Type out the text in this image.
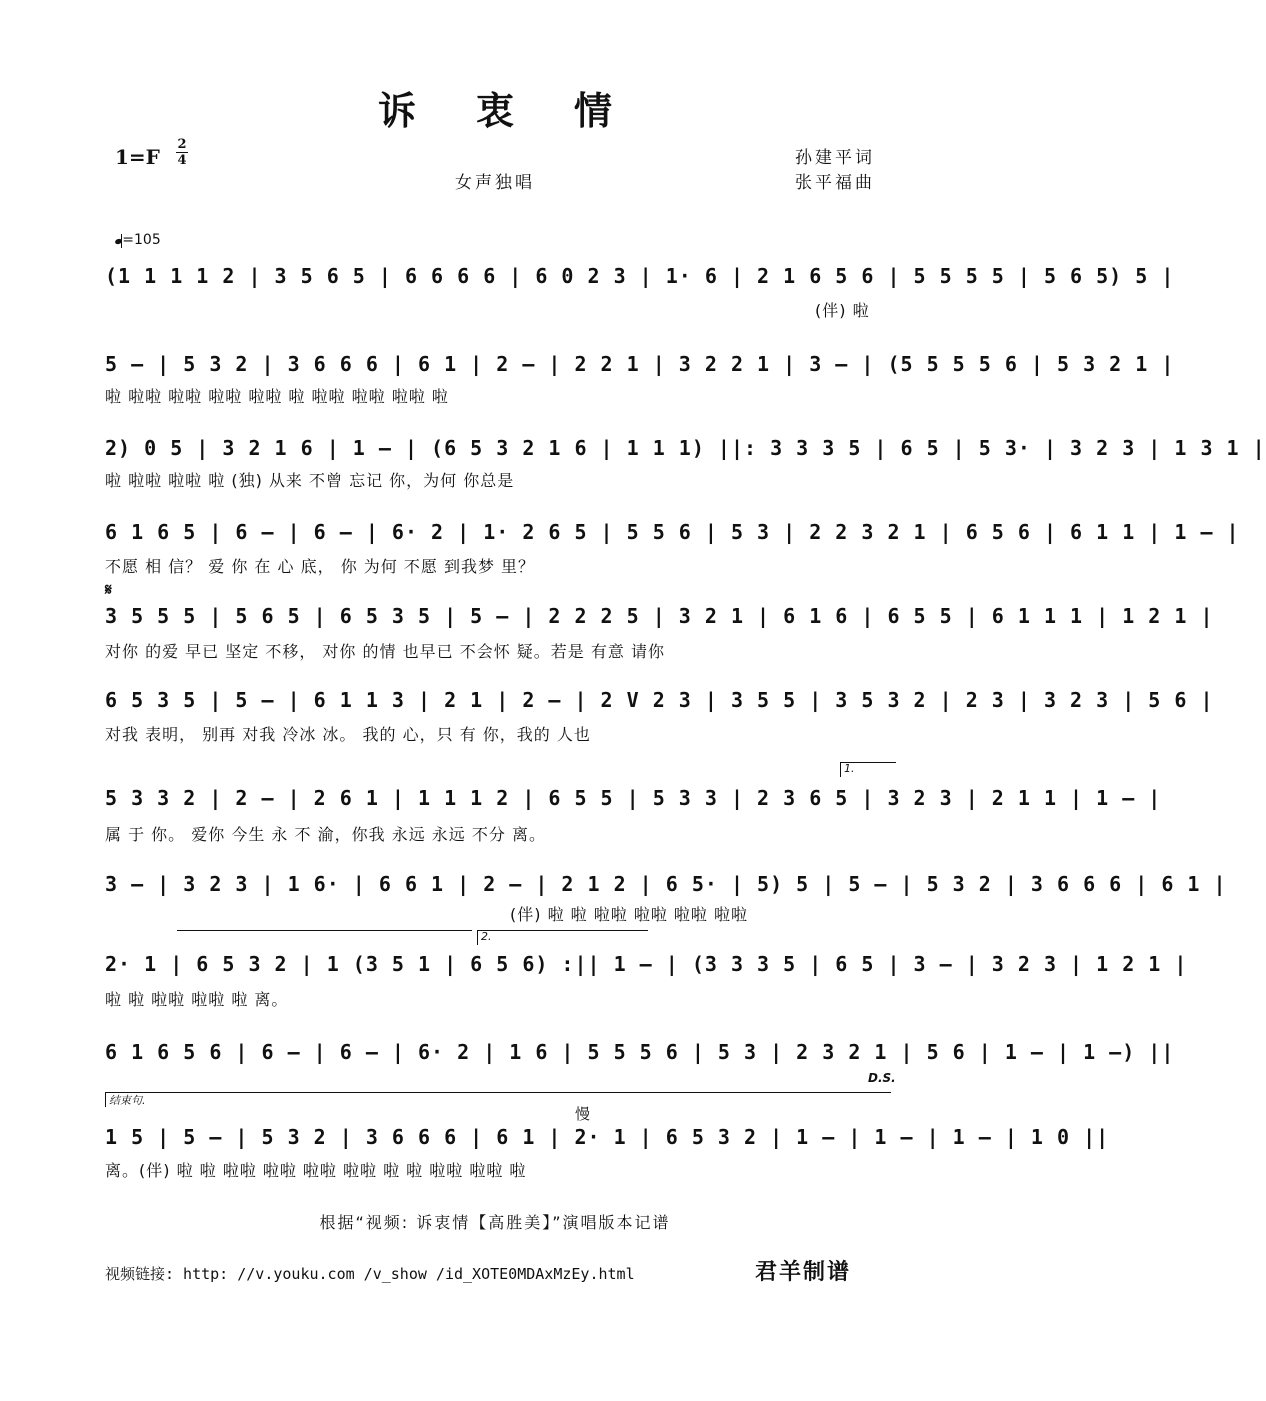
诉衷情
1=F
2
4	孙建平词
张平福曲
女声独唱
=105
(1 1 1 1 2 | 3 5 6 5 | 6 6 6 6 | 6 0 2 3 | 1· 6 | 2 1 6 5 6 | 5 5 5 5 | 5 6 5) 5 |
(伴) 啦
5 – | 5 3 2 | 3 6 6 6 | 6 1 | 2 – | 2 2 1 | 3 2 2 1 | 3 – | (5 5 5 5 6 | 5 3 2 1 |
啦 啦啦 啦啦 啦啦 啦啦 啦 啦啦 啦啦 啦啦 啦
2) 0 5 | 3 2 1 6 | 1 – | (6 5 3 2 1 6 | 1 1 1) ||: 3 3 3 5 | 6 5 | 5 3· | 3 2 3 | 1 3 1 |
啦 啦啦 啦啦 啦 (独) 从来 不曾 忘记 你，为何 你总是
6 1 6 5 | 6 – | 6 – | 6· 2 | 1· 2 6 5 | 5 5 6 | 5 3 | 2 2 3 2 1 | 6 5 6 | 6 1 1 | 1 – |
不愿 相 信？ 爱 你 在 心 底， 你 为何 不愿 到我梦 里？
𝄋
3 5 5 5 | 5 6 5 | 6 5 3 5 | 5 – | 2 2 2 5 | 3 2 1 | 6 1 6 | 6 5 5 | 6 1 1 1 | 1 2 1 |
对你 的爱 早已 坚定 不移， 对你 的情 也早已 不会怀 疑。若是 有意 请你
6 5 3 5 | 5 – | 6 1 1 3 | 2 1 | 2 – | 2 V 2 3 | 3 5 5 | 3 5 3 2 | 2 3 | 3 2 3 | 5 6 |
对我 表明， 别再 对我 冷冰 冰。 我的 心，只 有 你，我的 人也
1.
5 3 3 2 | 2 – | 2 6 1 | 1 1 1 2 | 6 5 5 | 5 3 3 | 2 3 6 5 | 3 2 3 | 2 1 1 | 1 – |
属 于 你。 爱你 今生 永 不 渝，你我 永远 永远 不分 离。
3 – | 3 2 3 | 1 6· | 6 6 1 | 2 – | 2 1 2 | 6 5· | 5) 5 | 5 – | 5 3 2 | 3 6 6 6 | 6 1 |
(伴) 啦 啦 啦啦 啦啦 啦啦 啦啦
2.
2· 1 | 6 5 3 2 | 1 (3 5 1 | 6 5 6) :|| 1 – | (3 3 3 5 | 6 5 | 3 – | 3 2 3 | 1 2 1 |
啦 啦 啦啦 啦啦 啦 离。
6 1 6 5 6 | 6 – | 6 – | 6· 2 | 1 6 | 5 5 5 6 | 5 3 | 2 3 2 1 | 5 6 | 1 – | 1 –) ||
D.S.
结束句.
慢
1 5 | 5 – | 5 3 2 | 3 6 6 6 | 6 1 | 2· 1 | 6 5 3 2 | 1 – | 1 – | 1 – | 1 0 ||
离。(伴) 啦 啦 啦啦 啦啦 啦啦 啦啦 啦 啦 啦啦 啦啦 啦
根据“视频: 诉衷情【高胜美】”演唱版本记谱
视频链接: http: //v.youku.com /v_show /id_XOTE0MDAxMzEy.html	君羊制谱
